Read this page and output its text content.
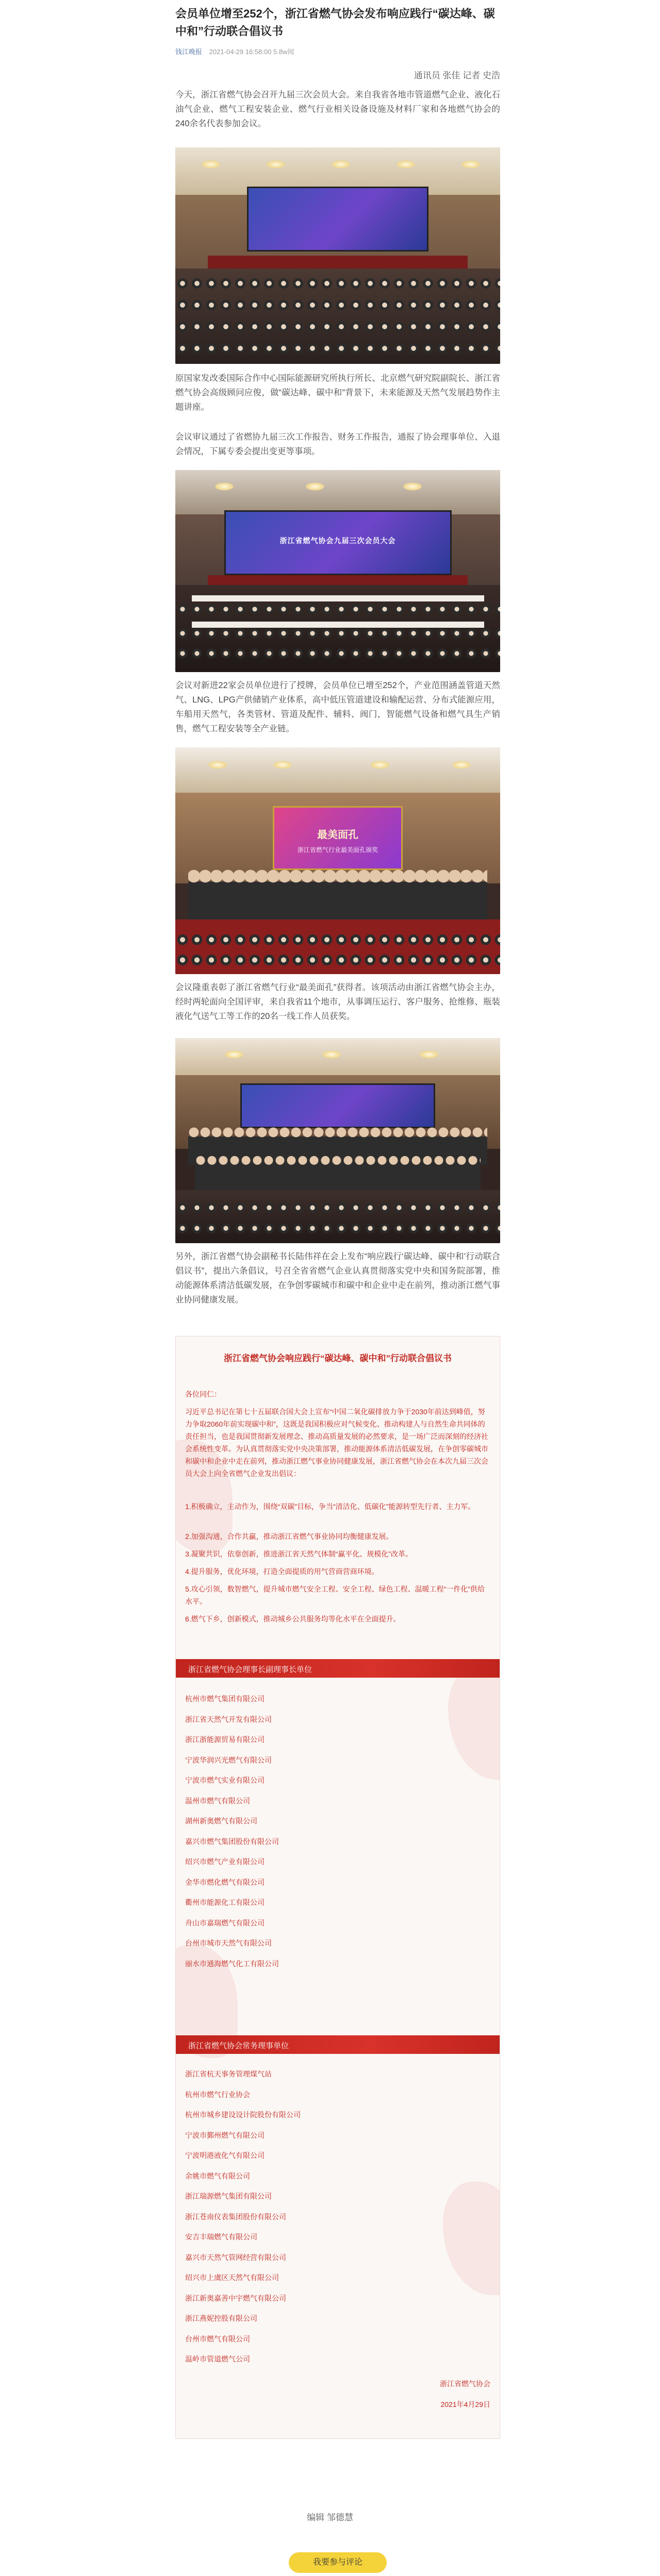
会员单位增至252个，浙江省燃气协会发布响应践行“碳达峰、碳中和”行动联合倡议书
钱江晚报 2021-04-29 16:58:00 5.8w阅
通讯员 张佳 记者 史浩

今天，浙江省燃气协会召开九届三次会员大会。来自我省各地市管道燃气企业、液化石油气企业、燃气工程安装企业、燃气行业相关设备设施及材料厂家和各地燃气协会的240余名代表参加会议。

原国家发改委国际合作中心国际能源研究所执行所长、北京燃气研究院副院长、浙江省燃气协会高级顾问应俊，做“碳达峰、碳中和”背景下，未来能源及天然气发展趋势作主题讲座。

会议审议通过了省燃协九届三次工作报告、财务工作报告，通报了协会理事单位、入退会情况，下属专委会提出变更等事项。

浙江省燃气协会九届三次会员大会

会议对新进22家会员单位进行了授牌，会员单位已增至252个，产业范围涵盖管道天然气、LNG、LPG产供储销产业体系，高中低压管道建设和输配运营、分布式能源应用，车船用天然气，各类管材、管道及配件、辅料、阀门，智能燃气设备和燃气具生产销售，燃气工程安装等全产业链。

最美面孔
浙江省燃气行业最美面孔颁奖

会议隆重表彰了浙江省燃气行业“最美面孔”获得者。该项活动由浙江省燃气协会主办，经时两轮面向全国评审，来自我省11个地市，从事调压运行、客户服务、抢维修、瓶装液化气送气工等工作的20名一线工作人员获奖。

另外，浙江省燃气协会副秘书长陆伟祥在会上发布“响应践行‘碳达峰、碳中和’行动联合倡议书”，提出六条倡议，号召全省省燃气企业认真贯彻落实党中央和国务院部署，推动能源体系清洁低碳发展，在争创零碳城市和碳中和企业中走在前列，推动浙江燃气事业协同健康发展。

浙江省燃气协会响应践行“碳达峰、碳中和”行动联合倡议书
各位同仁：
习近平总书记在第七十五届联合国大会上宣布“中国二氧化碳排放力争于2030年前达到峰值，努力争取2060年前实现碳中和”，这既是我国积极应对气候变化、推动构建人与自然生命共同体的责任担当，也是我国贯彻新发展理念、推动高质量发展的必然要求，是一场广泛而深刻的经济社会系统性变革。为认真贯彻落实党中央决策部署，推动能源体系清洁低碳发展，在争创零碳城市和碳中和企业中走在前列，推动浙江燃气事业协同健康发展，浙江省燃气协会在本次九届三次会员大会上向全省燃气企业发出倡议：
1.积极确立，主动作为，围绕“双碳”目标，争当“清洁化、低碳化”能源转型先行者、主力军。
2.加强沟通，合作共赢，推动浙江省燃气事业协同均衡健康发展。
3.凝聚共识，依靠创新，推进浙江省天然气体制“赢平化、规模化”改革。
4.提升服务，优化环境，打造全面提质的用气营商营商环境。
5.攻心引领，数智燃气，提升城市燃气安全工程、安全工程、绿色工程、温暖工程“一件化”供给水平。
6.燃气下乡，创新模式，推动城乡公共服务均等化水平在全面提升。
浙江省燃气协会理事长副理事长单位
杭州市燃气集团有限公司
浙江省天然气开发有限公司
浙江浙能源贸易有限公司
宁波华润兴光燃气有限公司
宁波市燃气实业有限公司
温州市燃气有限公司
湖州新奥燃气有限公司
嘉兴市燃气集团股份有限公司
绍兴市燃气产业有限公司
金华市燃化燃气有限公司
衢州市能源化工有限公司
舟山市嘉瑞燃气有限公司
台州市城市天然气有限公司
丽水市通海燃气化工有限公司
浙江省燃气协会常务理事单位
浙江省杭天事务管理煤气站
杭州市燃气行业协会
杭州市城乡建设设计院股份有限公司
宁波市鄞州燃气有限公司
宁波明港液化气有限公司
余姚市燃气有限公司
浙江瑞源燃气集团有限公司
浙江苍南仪表集团股份有限公司
安吉丰瑞燃气有限公司
嘉兴市天然气管网经营有限公司
绍兴市上虞区天然气有限公司
浙江新奥嘉善中宇燃气有限公司
浙江燕妮控股有限公司
台州市燃气有限公司
温岭市管道燃气公司
浙江省燃气协会
2021年4月29日
编辑 邹德慧
我要参与评论
